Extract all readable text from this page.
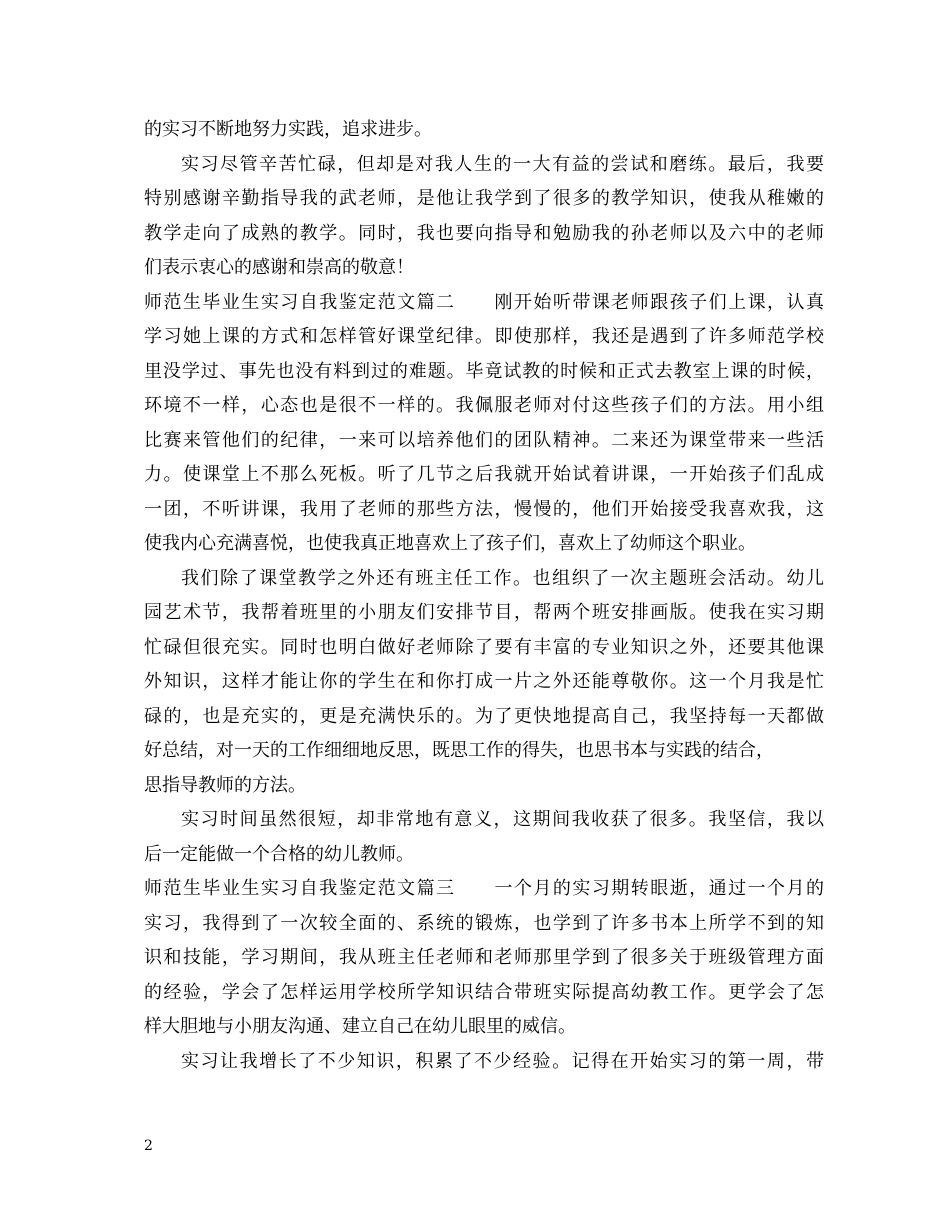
的实习不断地努力实践，追求进步。
实习尽管辛苦忙碌，但却是对我人生的一大有益的尝试和磨练。最后，我要
特别感谢辛勤指导我的武老师，是他让我学到了很多的教学知识，使我从稚嫩的
教学走向了成熟的教学。同时，我也要向指导和勉励我的孙老师以及六中的老师
们表示衷心的感谢和崇高的敬意！
师范生毕业生实习自我鉴定范文篇二　　刚开始听带课老师跟孩子们上课，认真
学习她上课的方式和怎样管好课堂纪律。即使那样，我还是遇到了许多师范学校
里没学过、事先也没有料到过的难题。毕竟试教的时候和正式去教室上课的时候，
环境不一样，心态也是很不一样的。我佩服老师对付这些孩子们的方法。用小组
比赛来管他们的纪律，一来可以培养他们的团队精神。二来还为课堂带来一些活
力。使课堂上不那么死板。听了几节之后我就开始试着讲课，一开始孩子们乱成
一团，不听讲课，我用了老师的那些方法，慢慢的，他们开始接受我喜欢我，这
使我内心充满喜悦，也使我真正地喜欢上了孩子们，喜欢上了幼师这个职业。
我们除了课堂教学之外还有班主任工作。也组织了一次主题班会活动。幼儿
园艺术节，我帮着班里的小朋友们安排节目，帮两个班安排画版。使我在实习期
忙碌但很充实。同时也明白做好老师除了要有丰富的专业知识之外，还要其他课
外知识，这样才能让你的学生在和你打成一片之外还能尊敬你。这一个月我是忙
碌的，也是充实的，更是充满快乐的。为了更快地提高自己，我坚持每一天都做
好总结，对一天的工作细细地反思，既思工作的得失，也思书本与实践的结合，
思指导教师的方法。
实习时间虽然很短，却非常地有意义，这期间我收获了很多。我坚信，我以
后一定能做一个合格的幼儿教师。
师范生毕业生实习自我鉴定范文篇三　　一个月的实习期转眼逝，通过一个月的
实习，我得到了一次较全面的、系统的锻炼，也学到了许多书本上所学不到的知
识和技能，学习期间，我从班主任老师和老师那里学到了很多关于班级管理方面
的经验，学会了怎样运用学校所学知识结合带班实际提高幼教工作。更学会了怎
样大胆地与小朋友沟通、建立自己在幼儿眼里的威信。
实习让我增长了不少知识，积累了不少经验。记得在开始实习的第一周，带
2
